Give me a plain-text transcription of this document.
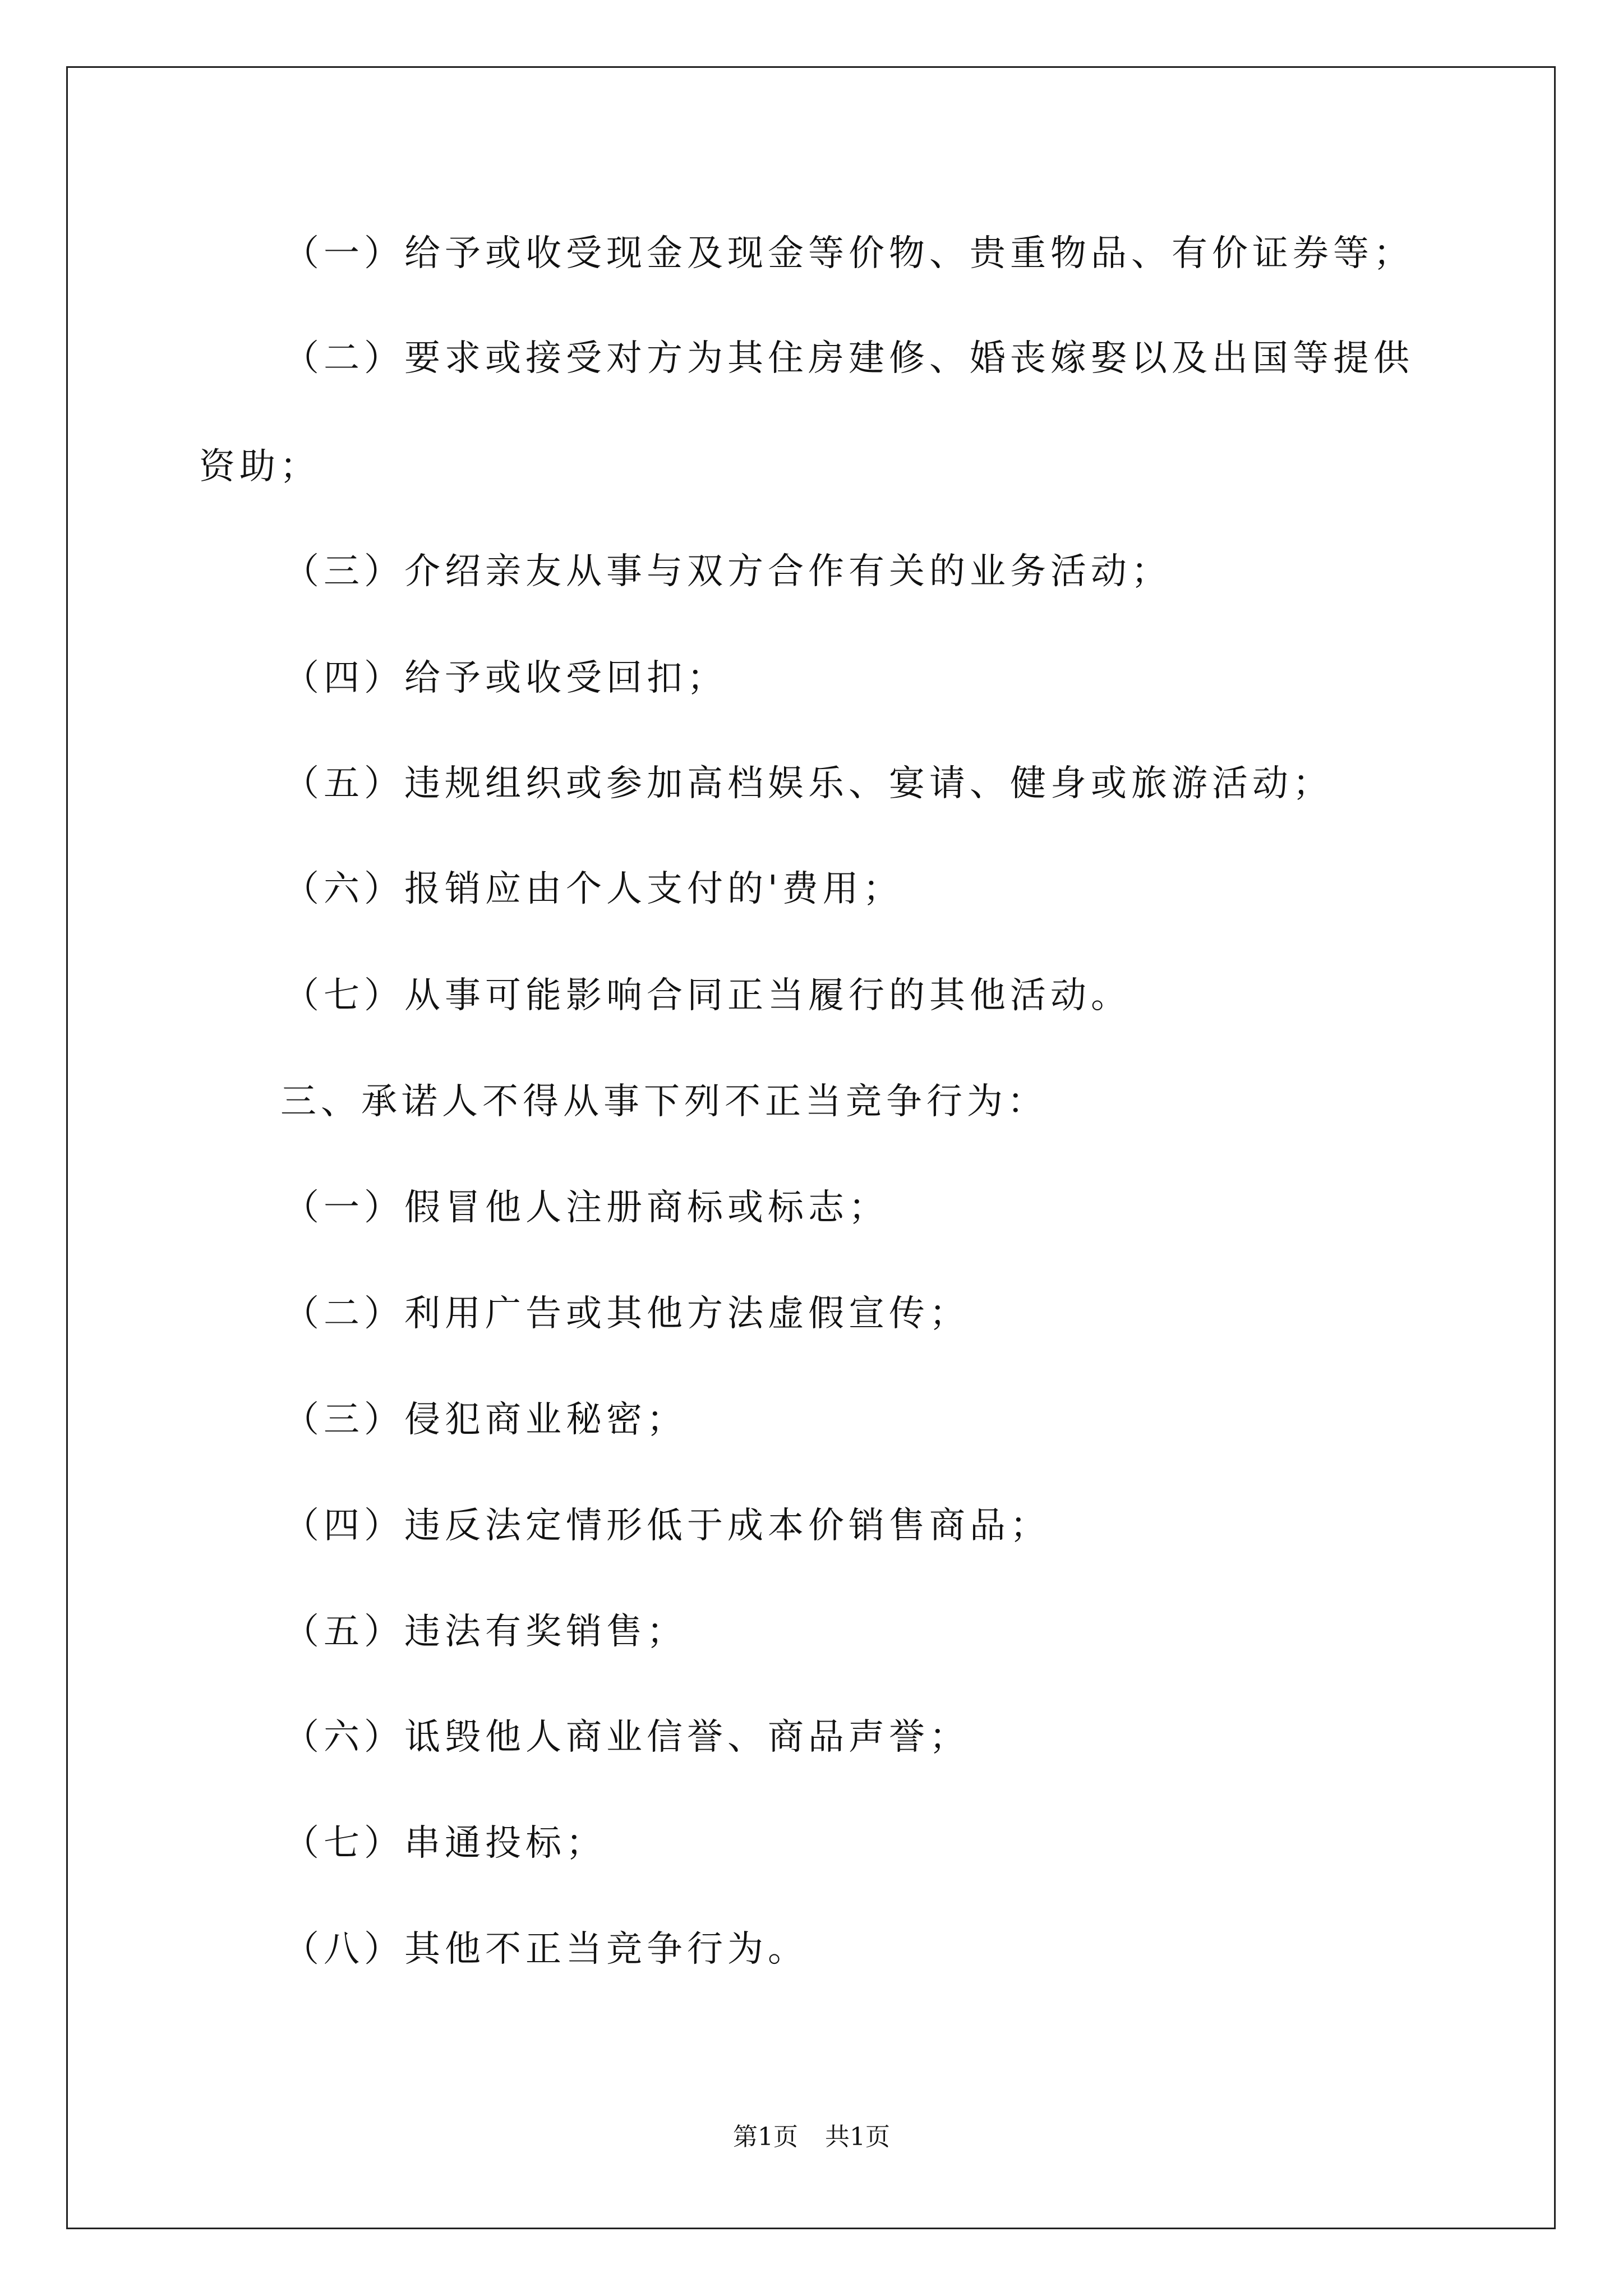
（一）给予或收受现金及现金等价物、贵重物品、有价证券等；
（二）要求或接受对方为其住房建修、婚丧嫁娶以及出国等提供
资助；
（三）介绍亲友从事与双方合作有关的业务活动；
（四）给予或收受回扣；
（五）违规组织或参加高档娱乐、宴请、健身或旅游活动；
（六）报销应由个人支付的'费用；
（七）从事可能影响合同正当履行的其他活动。
三、承诺人不得从事下列不正当竞争行为：
（一）假冒他人注册商标或标志；
（二）利用广告或其他方法虚假宣传；
（三）侵犯商业秘密；
（四）违反法定情形低于成本价销售商品；
（五）违法有奖销售；
（六）诋毁他人商业信誉、商品声誉；
（七）串通投标；
（八）其他不正当竞争行为。
第1页 共1页
